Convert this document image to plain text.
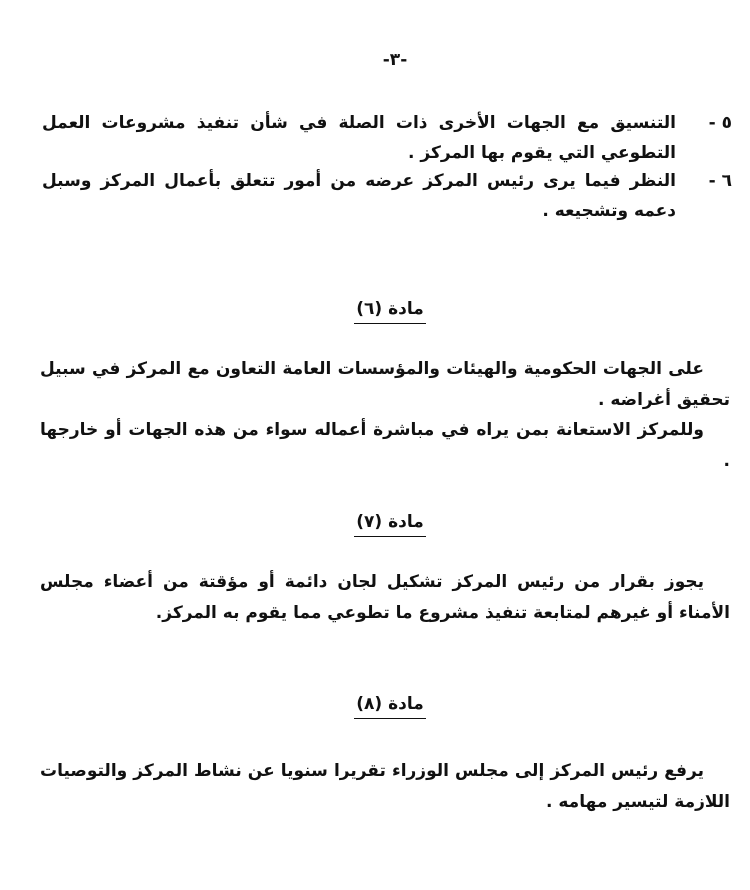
-٣-
٥ -
التنسيق مع الجهات الأخرى ذات الصلة في شأن تنفيذ مشروعات العمل التطوعي التي يقوم بها المركز .
٦ -
النظر فيما يرى رئيس المركز عرضه من أمور تتعلق بأعمال المركز وسبل دعمه وتشجيعه .
مادة (٦)
على الجهات الحكومية والهيئات والمؤسسات العامة التعاون مع المركز في سبيل تحقيق أغراضه .
وللمركز الاستعانة بمن يراه في مباشرة أعماله سواء من هذه الجهات أو خارجها .
مادة (٧)
يجوز بقرار من رئيس المركز تشكيل لجان دائمة أو مؤقتة من أعضاء مجلس الأمناء أو غيرهم لمتابعة تنفيذ مشروع ما تطوعي مما يقوم به المركز.
مادة (٨)
يرفع رئيس المركز إلى مجلس الوزراء تقريرا سنويا عن نشاط المركز والتوصيات اللازمة لتيسير مهامه .
